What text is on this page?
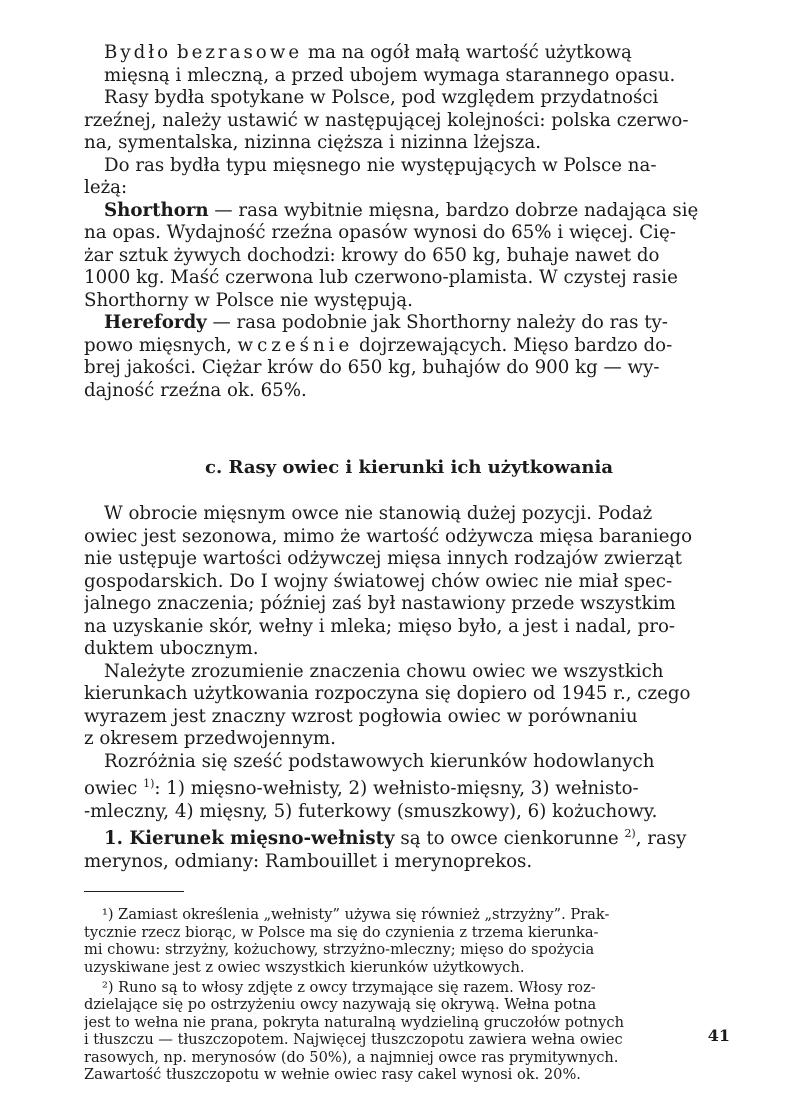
Bydło bezrasowe ma na ogół małą wartość użytkową
mięsną i mleczną, a przed ubojem wymaga starannego opasu.

Rasy bydła spotykane w Polsce, pod względem przydatności
rzeźnej, należy ustawić w następującej kolejności: polska czerwo-
na, symentalska, nizinna cięższa i nizinna lżejsza.

Do ras bydła typu mięsnego nie występujących w Polsce na-
leżą:

Shorthorn — rasa wybitnie mięsna, bardzo dobrze nadająca się
na opas. Wydajność rzeźna opasów wynosi do 65% i więcej. Cię-
żar sztuk żywych dochodzi: krowy do 650 kg, buhaje nawet do
1000 kg. Maść czerwona lub czerwono-plamista. W czystej rasie
Shorthorny w Polsce nie występują.

Herefordy — rasa podobnie jak Shorthorny należy do ras ty-
powo mięsnych, wcześnie dojrzewających. Mięso bardzo do-
brej jakości. Ciężar krów do 650 kg, buhajów do 900 kg — wy-
dajność rzeźna ok. 65%.

c. Rasy owiec i kierunki ich użytkowania

W obrocie mięsnym owce nie stanowią dużej pozycji. Podaż
owiec jest sezonowa, mimo że wartość odżywcza mięsa baraniego
nie ustępuje wartości odżywczej mięsa innych rodzajów zwierząt
gospodarskich. Do I wojny światowej chów owiec nie miał spec-
jalnego znaczenia; później zaś był nastawiony przede wszystkim
na uzyskanie skór, wełny i mleka; mięso było, a jest i nadal, pro-
duktem ubocznym.

Należyte zrozumienie znaczenia chowu owiec we wszystkich
kierunkach użytkowania rozpoczyna się dopiero od 1945 r., czego
wyrazem jest znaczny wzrost pogłowia owiec w porównaniu
z okresem przedwojennym.

Rozróżnia się sześć podstawowych kierunków hodowlanych
owiec $^{1)}$: 1) mięsno-wełnisty, 2) wełnisto-mięsny, 3) wełnisto-
-mleczny, 4) mięsny, 5) futerkowy (smuszkowy), 6) kożuchowy.

1. Kierunek mięsno-wełnisty są to owce cienkorunne $^{2)}$, rasy
merynos, odmiany: Rambouillet i merynoprekos.

¹) Zamiast określenia „wełnisty” używa się również „strzyżny”. Prak-
tycznie rzecz biorąc, w Polsce ma się do czynienia z trzema kierunka-
mi chowu: strzyżny, kożuchowy, strzyżno-mleczny; mięso do spożycia
uzyskiwane jest z owiec wszystkich kierunków użytkowych.

²) Runo są to włosy zdjęte z owcy trzymające się razem. Włosy roz-
dzielające się po ostrzyżeniu owcy nazywają się okrywą. Wełna potna
jest to wełna nie prana, pokryta naturalną wydzieliną gruczołów potnych
i tłuszczu — tłuszczopotem. Najwięcej tłuszczopotu zawiera wełna owiec
rasowych, np. merynosów (do 50%), a najmniej owce ras prymitywnych.
Zawartość tłuszczopotu w wełnie owiec rasy cakel wynosi ok. 20%.

41
